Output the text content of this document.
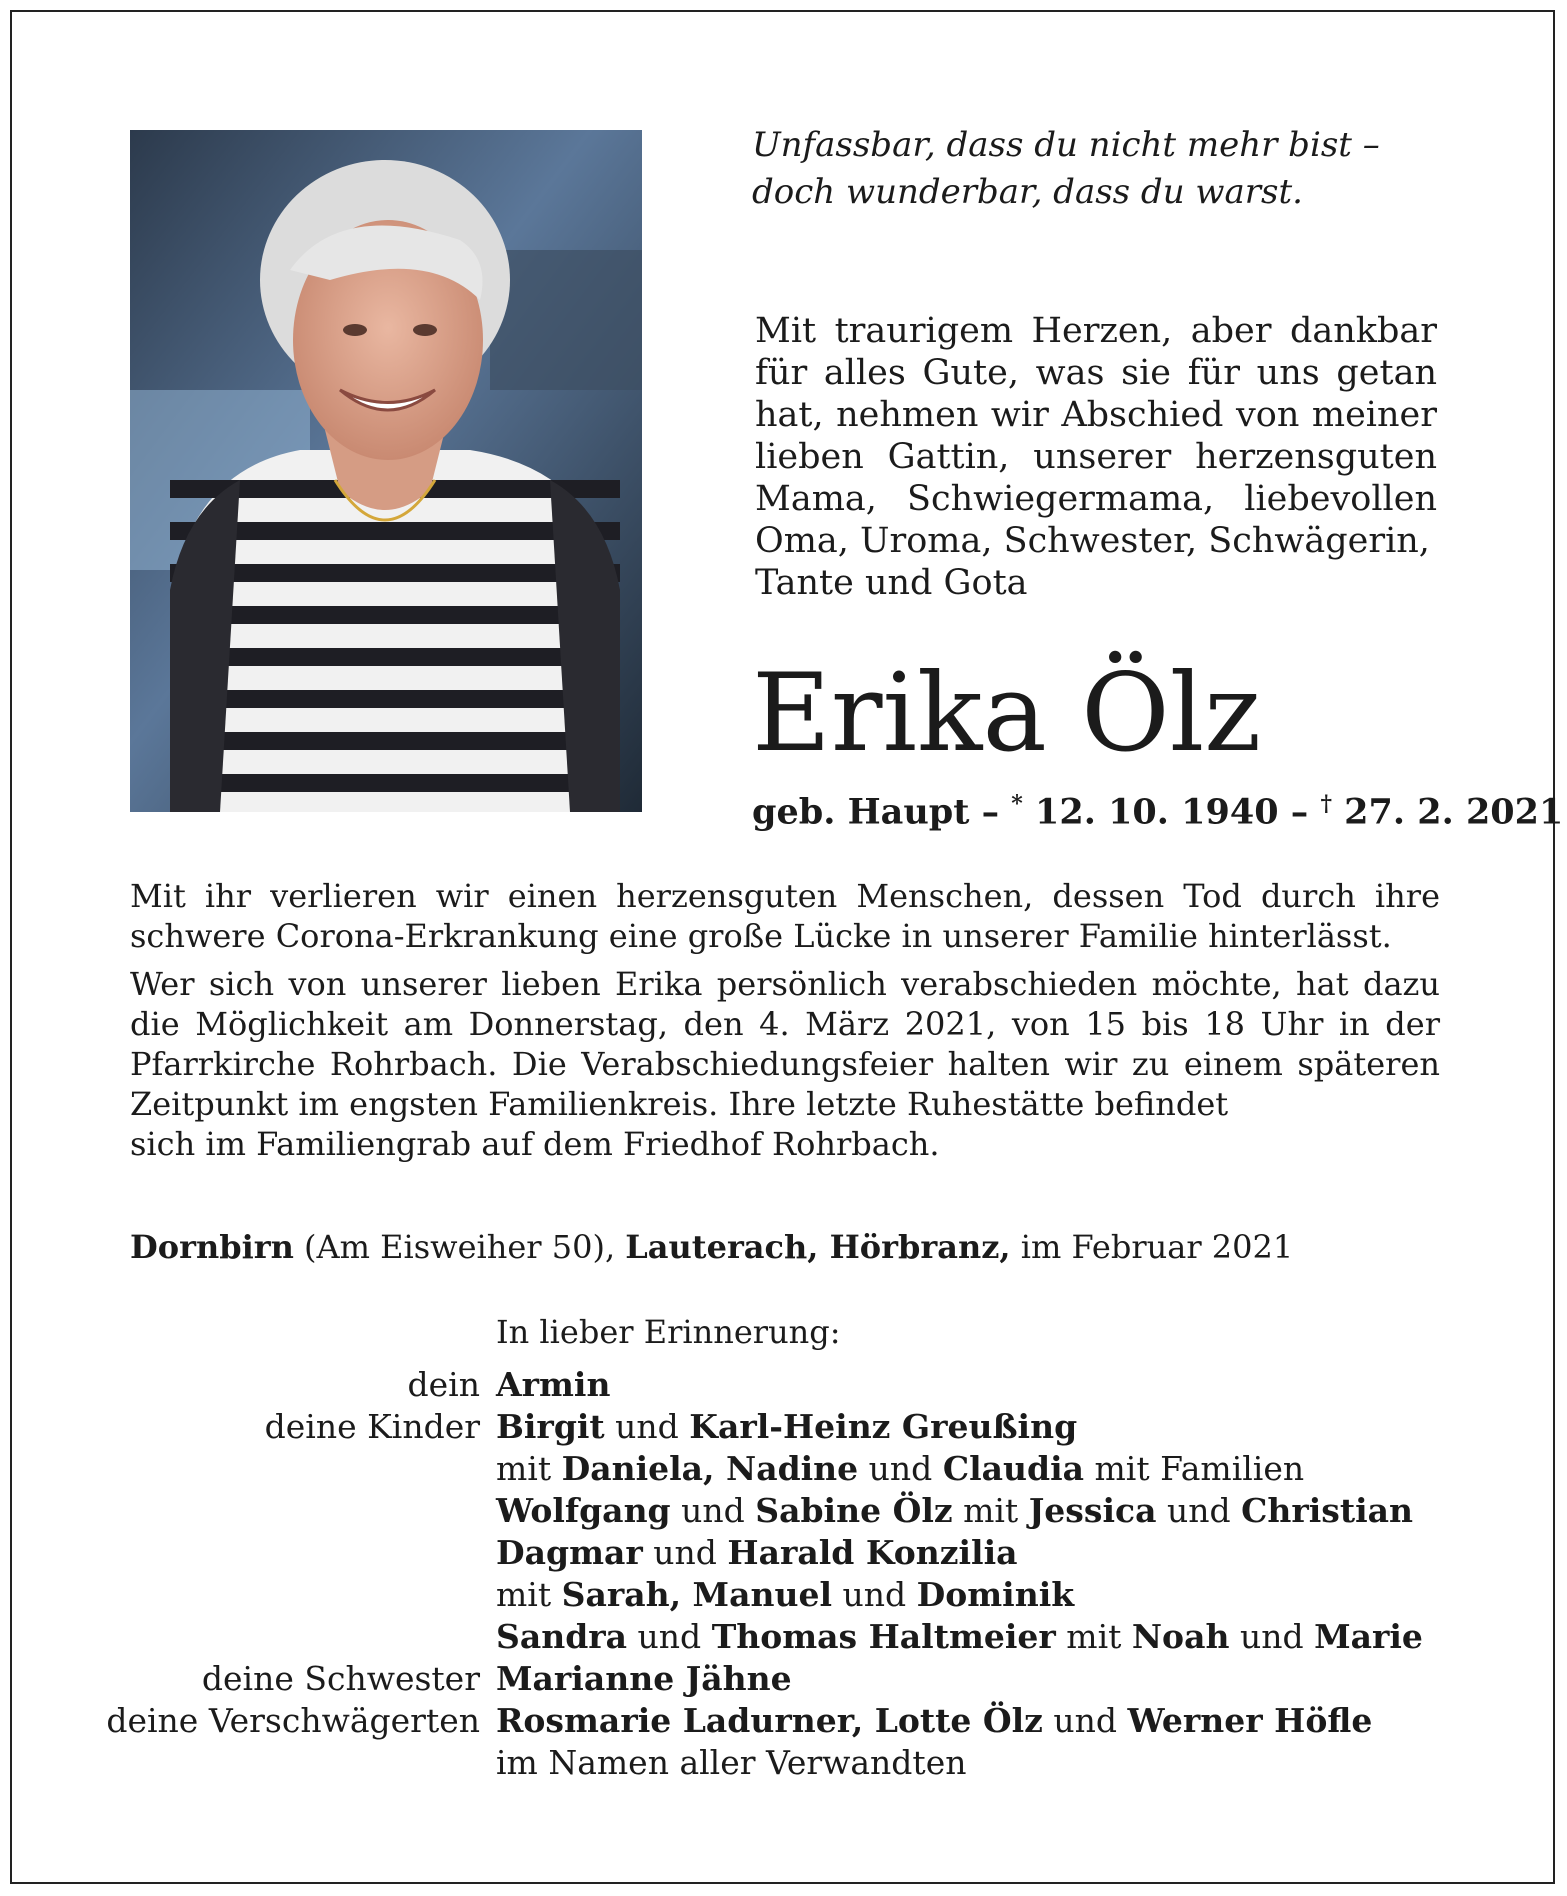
Unfassbar, dass du nicht mehr bist –
doch wunderbar, dass du warst.
Mit traurigem Herzen, aber dankbar für alles Gute, was sie für uns getan hat, nehmen wir Abschied von meiner lieben Gattin, unserer herzensguten Mama, Schwiegermama, liebevollen Oma, Uroma, Schwester, Schwägerin,
Tante und Gota
Erika Ölz
geb. Haupt – * 12. 10. 1940 – † 27. 2. 2021

Mit ihr verlieren wir einen herzensguten Menschen, dessen Tod durch ihre schwere Corona-Erkrankung eine große Lücke in unserer Familie hinterlässt.

Wer sich von unserer lieben Erika persönlich verabschieden möchte, hat dazu die Möglichkeit am Donnerstag, den 4. März 2021, von 15 bis 18 Uhr in der Pfarrkirche Rohrbach. Die Verabschiedungsfeier halten wir zu einem späteren Zeitpunkt im engsten Familienkreis. Ihre letzte Ruhestätte befindet
sich im Familiengrab auf dem Friedhof Rohrbach.

Dornbirn (Am Eisweiher 50), Lauterach, Hörbranz, im Februar 2021
In lieber Erinnerung:
dein Armin
deine Kinder Birgit und Karl-Heinz Greußing
mit Daniela, Nadine und Claudia mit Familien
Wolfgang und Sabine Ölz mit Jessica und Christian
Dagmar und Harald Konzilia
mit Sarah, Manuel und Dominik
Sandra und Thomas Haltmeier mit Noah und Marie
deine Schwester Marianne Jähne
deine Verschwägerten Rosmarie Ladurner, Lotte Ölz und Werner Höfle
im Namen aller Verwandten
